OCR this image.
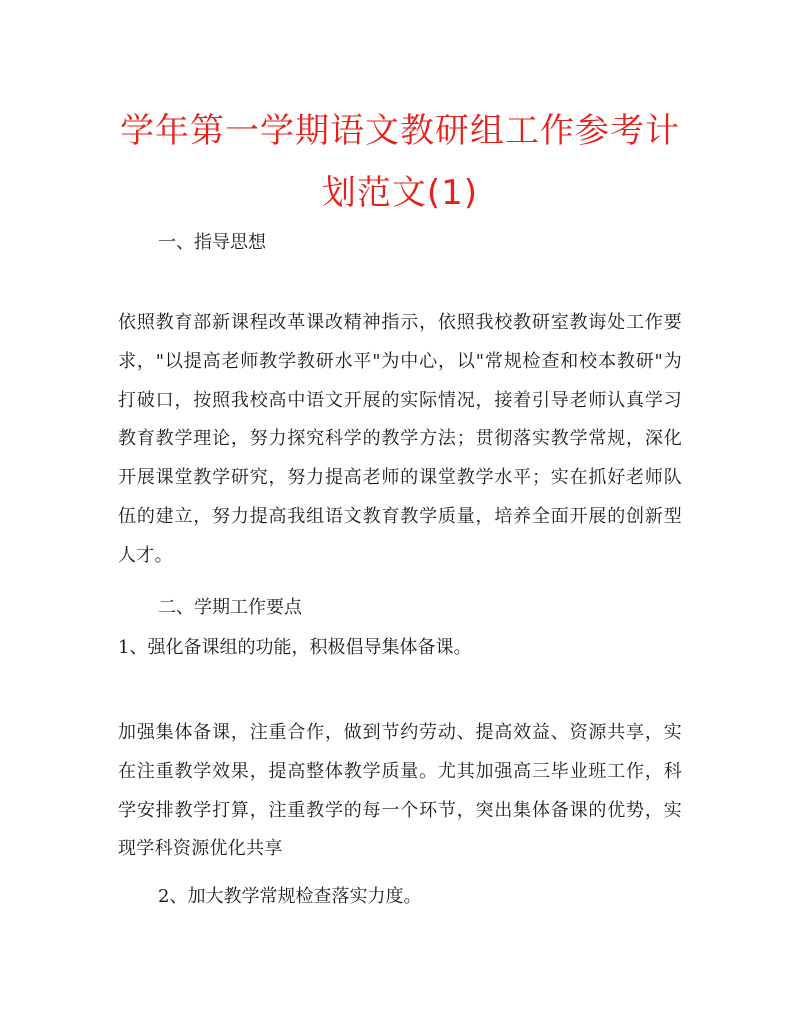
学年第一学期语文教研组工作参考计划范文(1)
一、指导思想
依照教育部新课程改革课改精神指示，依照我校教研室教诲处工作要求，"以提高老师教学教研水平"为中心，以"常规检查和校本教研"为打破口，按照我校高中语文开展的实际情况，接着引导老师认真学习教育教学理论，努力探究科学的教学方法；贯彻落实教学常规，深化开展课堂教学研究，努力提高老师的课堂教学水平；实在抓好老师队伍的建立，努力提高我组语文教育教学质量，培养全面开展的创新型人才。
二、学期工作要点
1、强化备课组的功能，积极倡导集体备课。
加强集体备课，注重合作，做到节约劳动、提高效益、资源共享，实在注重教学效果，提高整体教学质量。尤其加强高三毕业班工作，科学安排教学打算，注重教学的每一个环节，突出集体备课的优势，实现学科资源优化共享
2、加大教学常规检查落实力度。
